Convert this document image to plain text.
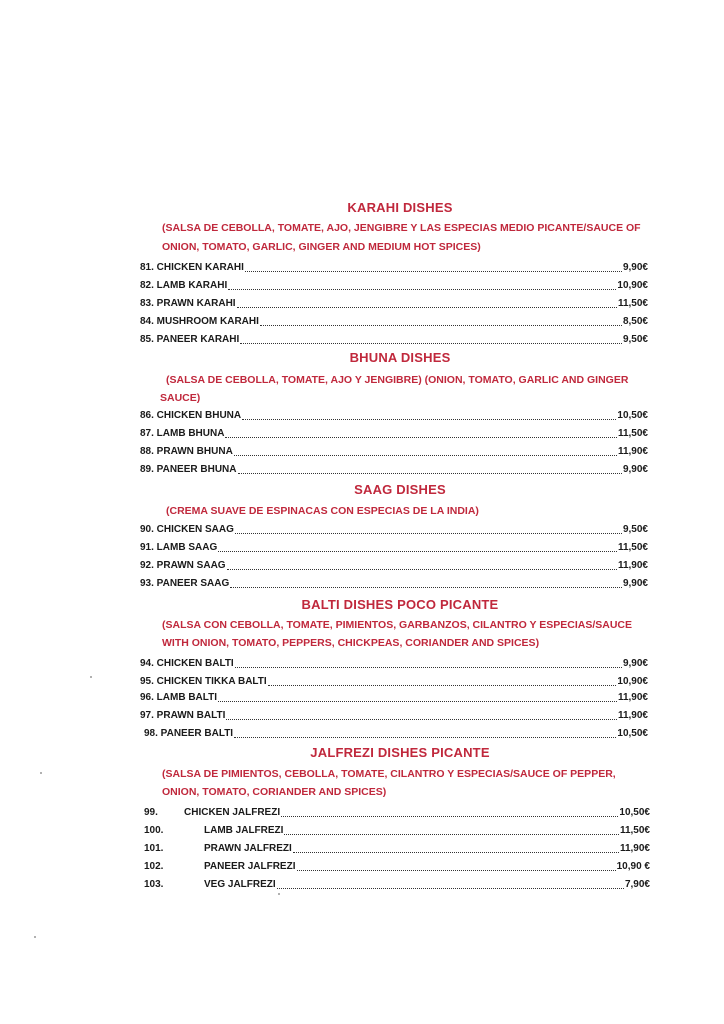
KARAHI DISHES
(SALSA DE CEBOLLA, TOMATE, AJO, JENGIBRE Y LAS ESPECIAS MEDIO PICANTE/SAUCE OF
ONION, TOMATO, GARLIC, GINGER AND MEDIUM HOT SPICES)
81. CHICKEN KARAHI	9,90€
82. LAMB KARAHI	10,90€
83. PRAWN KARAHI	11,50€
84. MUSHROOM KARAHI	8,50€
85. PANEER KARAHI	9,50€
BHUNA DISHES
(SALSA DE CEBOLLA, TOMATE, AJO Y JENGIBRE) (ONION, TOMATO, GARLIC AND GINGER
SAUCE)
86. CHICKEN BHUNA	10,50€
87. LAMB BHUNA	11,50€
88. PRAWN BHUNA	11,90€
89. PANEER BHUNA	9,90€
SAAG DISHES
(CREMA SUAVE DE ESPINACAS CON ESPECIAS DE LA INDIA)
90. CHICKEN SAAG	9,50€
91. LAMB SAAG	11,50€
92. PRAWN SAAG	11,90€
93. PANEER SAAG	9,90€
BALTI DISHES POCO PICANTE
(SALSA CON CEBOLLA, TOMATE, PIMIENTOS, GARBANZOS, CILANTRO Y ESPECIAS/SAUCE
WITH ONION, TOMATO, PEPPERS, CHICKPEAS, CORIANDER AND SPICES)
94. CHICKEN BALTI	9,90€
95. CHICKEN TIKKA BALTI	10,90€
96. LAMB BALTI	11,90€
97. PRAWN BALTI	11,90€
98. PANEER BALTI	10,50€
JALFREZI DISHES PICANTE
(SALSA DE PIMIENTOS, CEBOLLA, TOMATE, CILANTRO Y ESPECIAS/SAUCE OF PEPPER,
ONION, TOMATO, CORIANDER AND SPICES)
99.	CHICKEN JALFREZI	10,50€
100.	LAMB JALFREZI	11,50€
101.	PRAWN JALFREZI	11,90€
102.	PANEER JALFREZI	10,90 €
103.	VEG JALFREZI	7,90€
